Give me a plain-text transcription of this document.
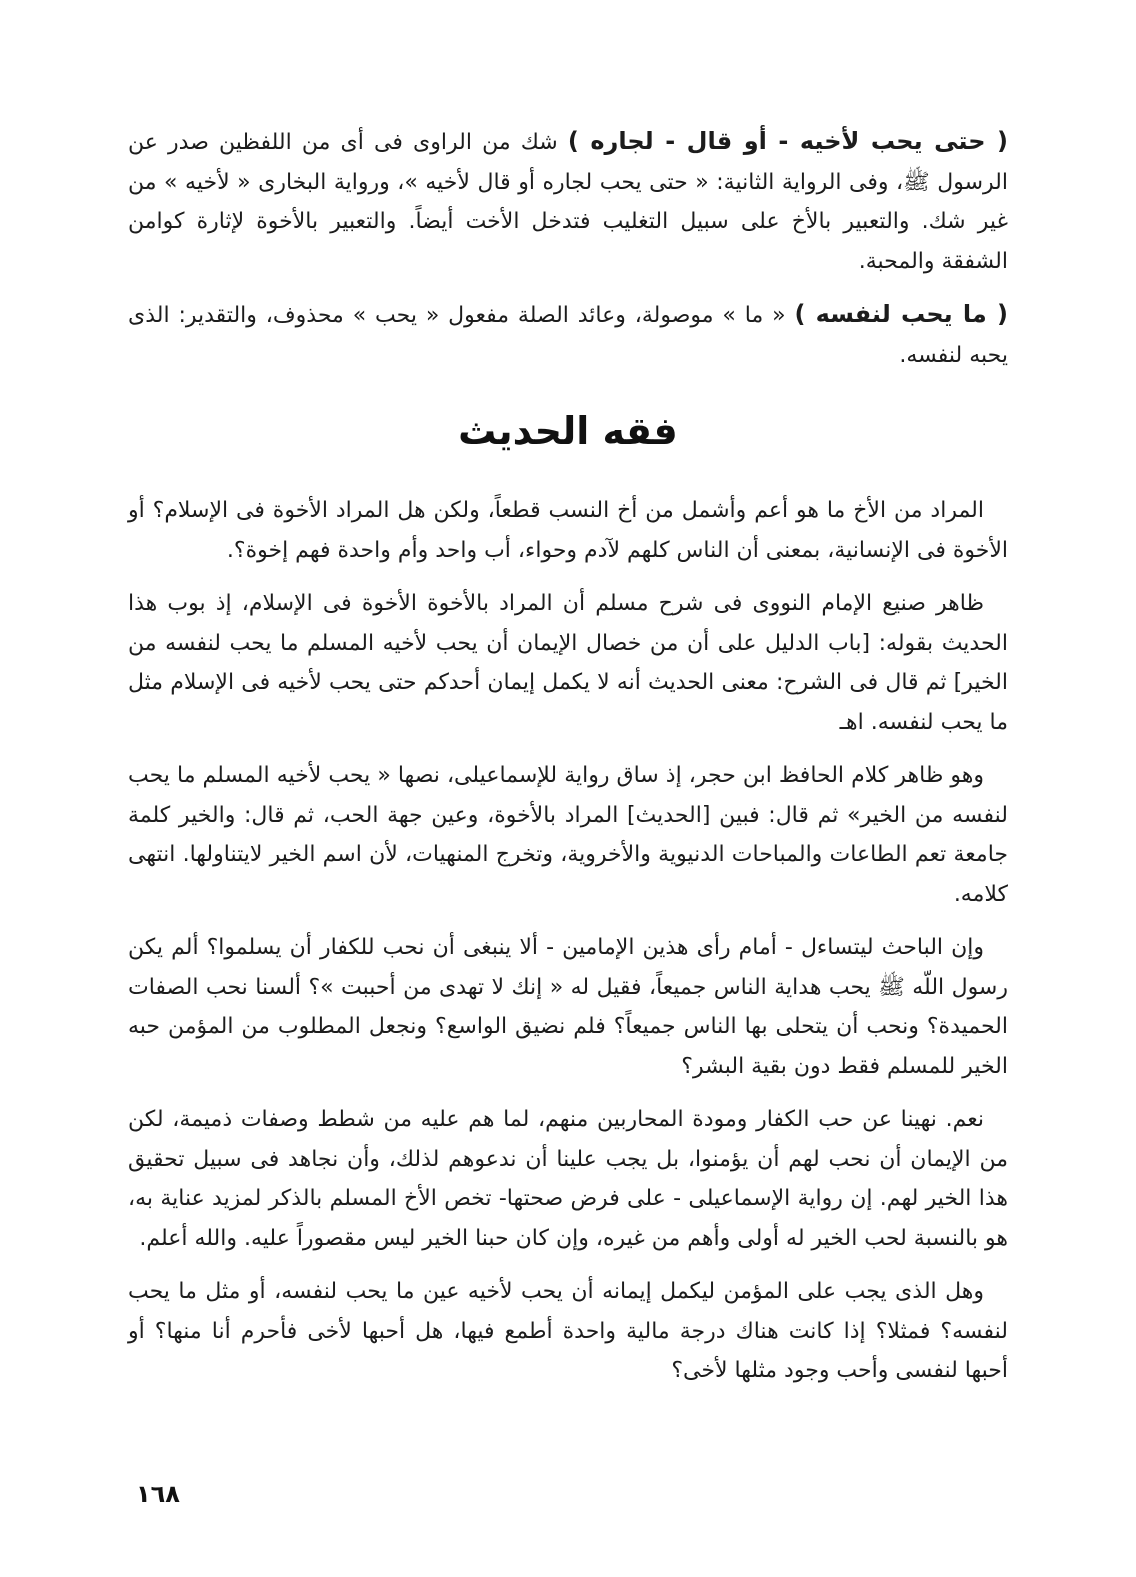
( حتى يحب لأخيه - أو قال - لجاره ) شك من الراوى فى أى من اللفظين صدر عن الرسول ﷺ، وفى الرواية الثانية: « حتى يحب لجاره أو قال لأخيه »، ورواية البخارى « لأخيه » من غير شك. والتعبير بالأخ على سبيل التغليب فتدخل الأخت أيضاً. والتعبير بالأخوة لإثارة كوامن الشفقة والمحبة.

( ما يحب لنفسه ) « ما » موصولة، وعائد الصلة مفعول « يحب » محذوف، والتقدير: الذى يحبه لنفسه.

فقه الحديث

المراد من الأخ ما هو أعم وأشمل من أخ النسب قطعاً، ولكن هل المراد الأخوة فى الإسلام؟ أو الأخوة فى الإنسانية، بمعنى أن الناس كلهم لآدم وحواء، أب واحد وأم واحدة فهم إخوة؟.

ظاهر صنيع الإمام النووى فى شرح مسلم أن المراد بالأخوة الأخوة فى الإسلام، إذ بوب هذا الحديث بقوله: [باب الدليل على أن من خصال الإيمان أن يحب لأخيه المسلم ما يحب لنفسه من الخير] ثم قال فى الشرح: معنى الحديث أنه لا يكمل إيمان أحدكم حتى يحب لأخيه فى الإسلام مثل ما يحب لنفسه. اهـ

وهو ظاهر كلام الحافظ ابن حجر، إذ ساق رواية للإسماعيلى، نصها « يحب لأخيه المسلم ما يحب لنفسه من الخير» ثم قال: فبين [الحديث] المراد بالأخوة، وعين جهة الحب، ثم قال: والخير كلمة جامعة تعم الطاعات والمباحات الدنيوية والأخروية، وتخرج المنهيات، لأن اسم الخير لايتناولها. انتهى كلامه.

وإن الباحث ليتساءل - أمام رأى هذين الإمامين - ألا ينبغى أن نحب للكفار أن يسلموا؟ ألم يكن رسول اللّه ﷺ يحب هداية الناس جميعاً، فقيل له « إنك لا تهدى من أحببت »؟ ألسنا نحب الصفات الحميدة؟ ونحب أن يتحلى بها الناس جميعاً؟ فلم نضيق الواسع؟ ونجعل المطلوب من المؤمن حبه الخير للمسلم فقط دون بقية البشر؟

نعم. نهينا عن حب الكفار ومودة المحاربين منهم، لما هم عليه من شطط وصفات ذميمة، لكن من الإيمان أن نحب لهم أن يؤمنوا، بل يجب علينا أن ندعوهم لذلك، وأن نجاهد فى سبيل تحقيق هذا الخير لهم. إن رواية الإسماعيلى - على فرض صحتها- تخص الأخ المسلم بالذكر لمزيد عناية به، هو بالنسبة لحب الخير له أولى وأهم من غيره، وإن كان حبنا الخير ليس مقصوراً عليه. والله أعلم.

وهل الذى يجب على المؤمن ليكمل إيمانه أن يحب لأخيه عين ما يحب لنفسه، أو مثل ما يحب لنفسه؟ فمثلا؟ إذا كانت هناك درجة مالية واحدة أطمع فيها، هل أحبها لأخى فأحرم أنا منها؟ أو أحبها لنفسى وأحب وجود مثلها لأخى؟

١٦٨
